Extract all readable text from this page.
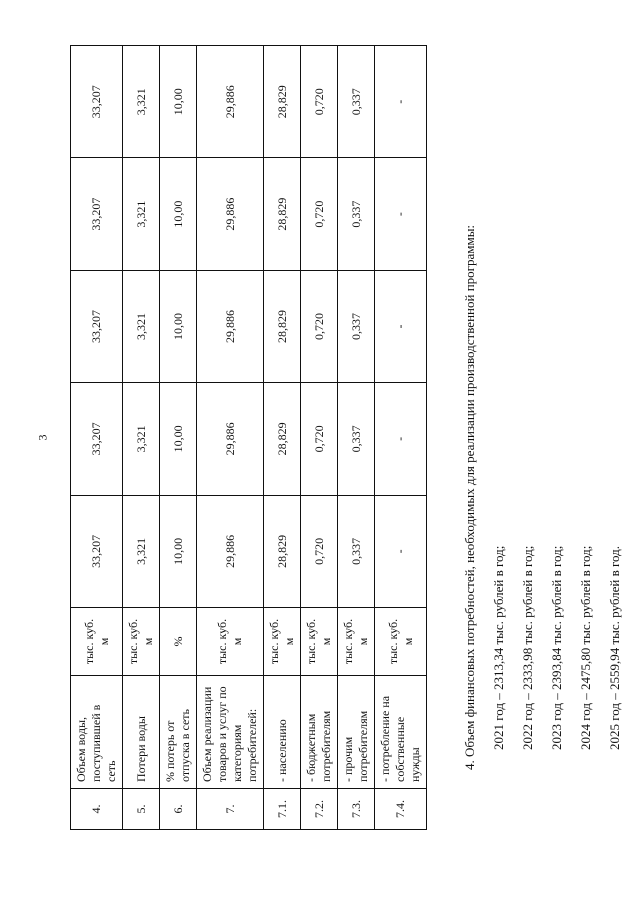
3
4.	Объем воды, поступившей в сеть	тыс. куб. м	33,207	33,207	33,207	33,207	33,207
5.	Потери воды	тыс. куб. м	3,321	3,321	3,321	3,321	3,321
6.	% потерь от отпуска в сеть	%	10,00	10,00	10,00	10,00	10,00
7.	Объем реализации товаров и услуг по категориям потребителей:	тыс. куб. м	29,886	29,886	29,886	29,886	29,886
7.1.	- населению	тыс. куб. м	28,829	28,829	28,829	28,829	28,829
7.2.	- бюджетным потребителям	тыс. куб. м	0,720	0,720	0,720	0,720	0,720
7.3.	- прочим потребителям	тыс. куб. м	0,337	0,337	0,337	0,337	0,337
7.4.	- потребление на собственные нужды	тыс. куб. м	-	-	-	-	-

4. Объем финансовых потребностей, необходимых для реализации производственной программы:	2021 год – 2313,34 тыс. рублей в год;	2022 год – 2333,98 тыс. рублей в год;	2023 год – 2393,84 тыс. рублей в год;	2024 год – 2475,80 тыс. рублей в год;	2025 год – 2559,94 тыс. рублей в год.
